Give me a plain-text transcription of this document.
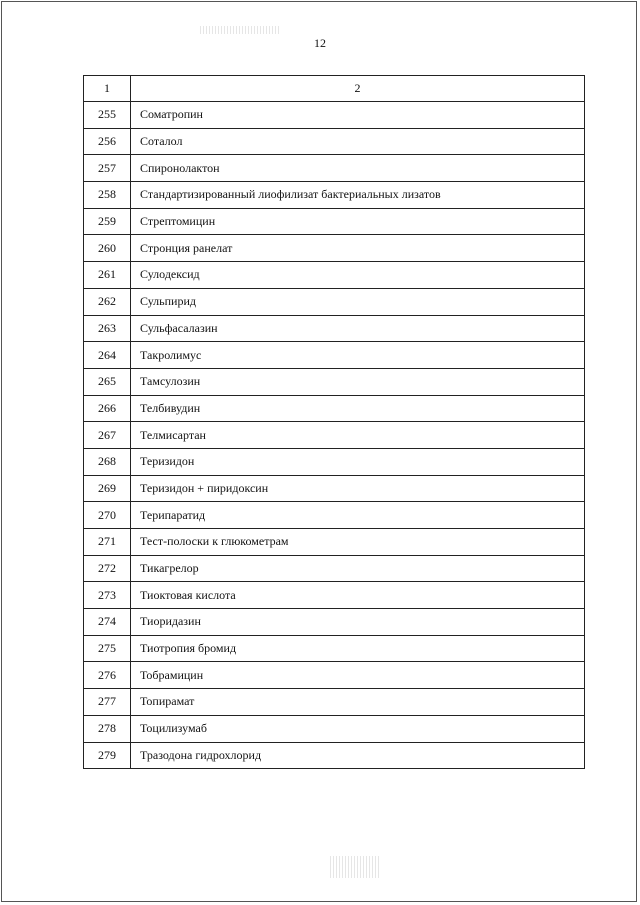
12
1	2
255	Соматропин
256	Соталол
257	Спиронолактон
258	Стандартизированный лиофилизат бактериальных лизатов
259	Стрептомицин
260	Стронция ранелат
261	Сулодексид
262	Сульпирид
263	Сульфасалазин
264	Такролимус
265	Тамсулозин
266	Телбивудин
267	Телмисартан
268	Теризидон
269	Теризидон + пиридоксин
270	Терипаратид
271	Тест-полоски к глюкометрам
272	Тикагрелор
273	Тиоктовая кислота
274	Тиоридазин
275	Тиотропия бромид
276	Тобрамицин
277	Топирамат
278	Тоцилизумаб
279	Тразодона гидрохлорид
